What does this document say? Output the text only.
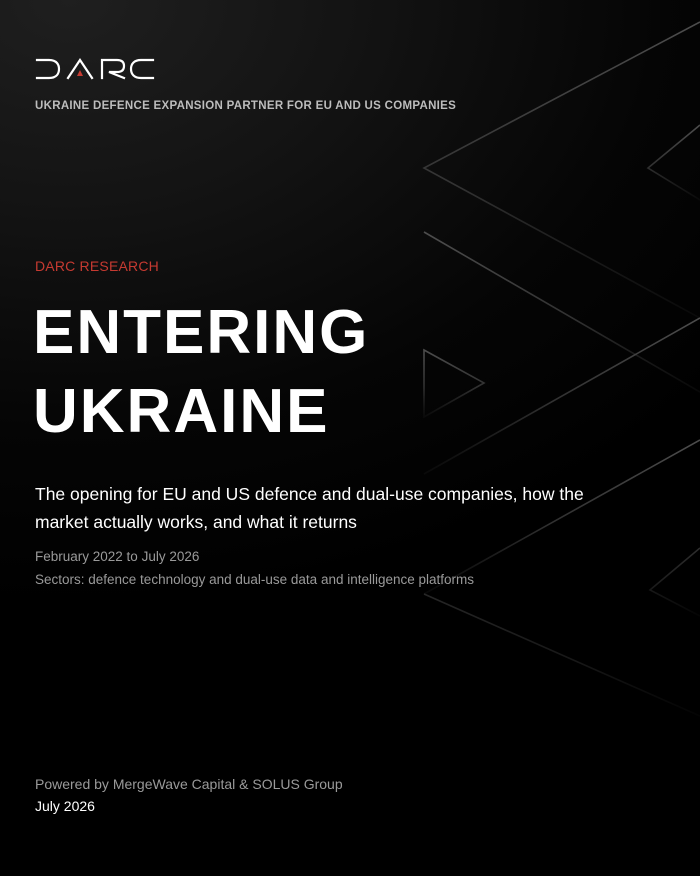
UKRAINE DEFENCE EXPANSION PARTNER FOR EU AND US COMPANIES
DARC RESEARCH
ENTERING
UKRAINE

The opening for EU and US defence and dual-use companies, how the market actually works, and what it returns

February 2022 to July 2026
Sectors: defence technology and dual-use data and intelligence platforms
Powered by MergeWave Capital & SOLUS Group
July 2026
